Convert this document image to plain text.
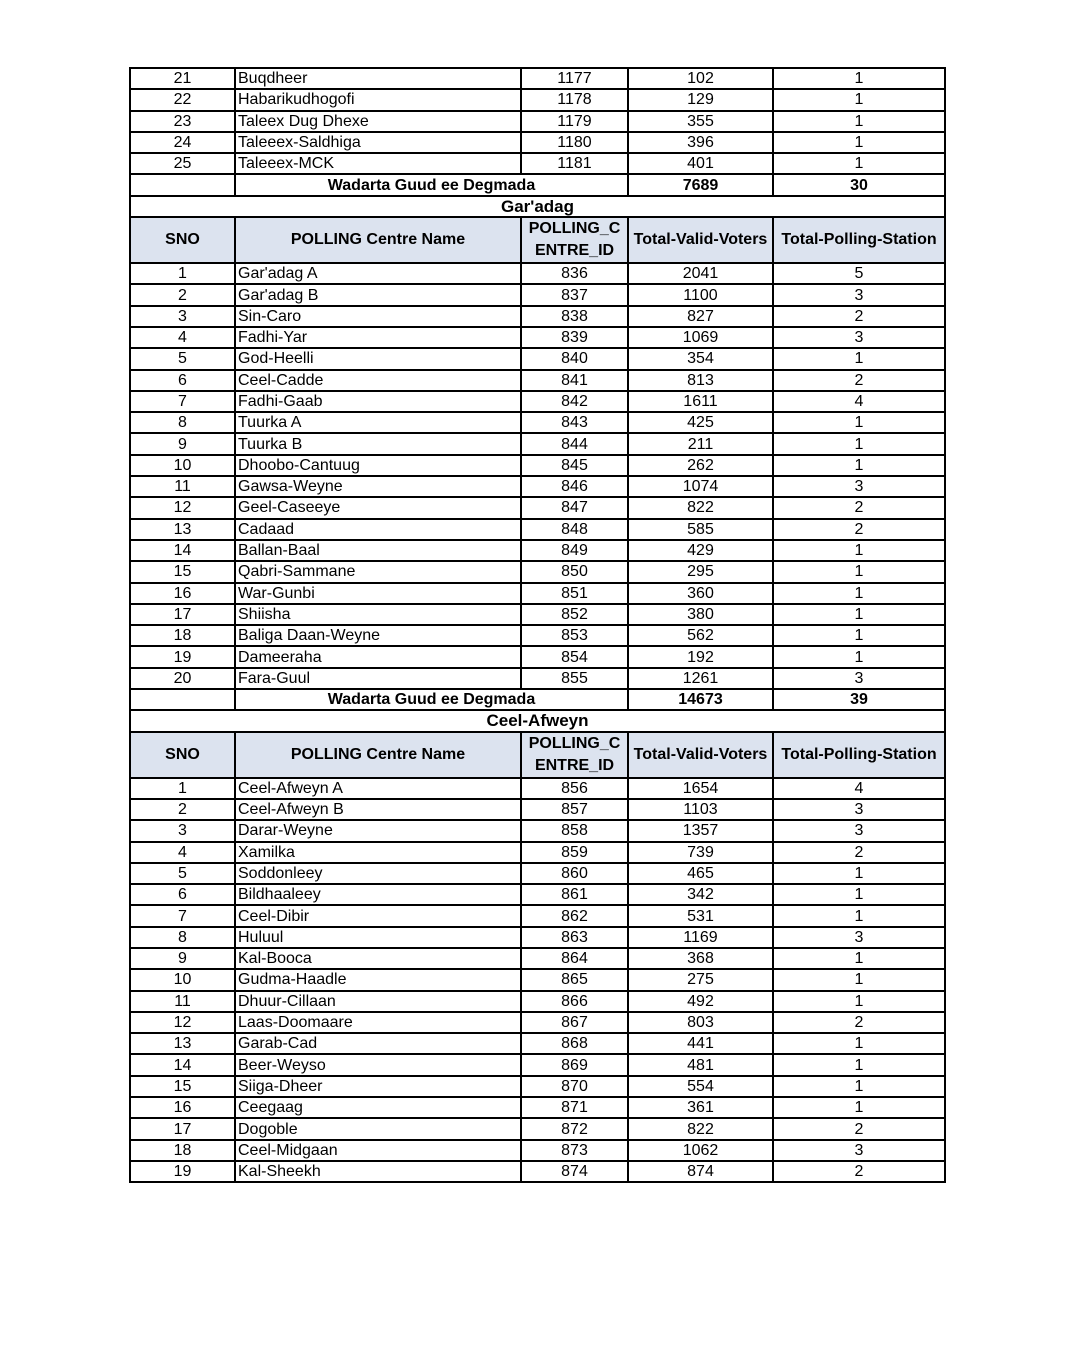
21	Buqdheer	1177	102	1
22	Habarikudhogofi	1178	129	1
23	Taleex Dug Dhexe	1179	355	1
24	Taleeex-Saldhiga	1180	396	1
25	Taleeex-MCK	1181	401	1
	Wadarta Guud ee Degmada		7689	30
Gar'adag				
SNO	POLLING Centre Name	POLLING_CENTRE_ID	Total-Valid-Voters	Total-Polling-Station
1	Gar'adag A	836	2041	5
2	Gar'adag B	837	1100	3
3	Sin-Caro	838	827	2
4	Fadhi-Yar	839	1069	3
5	God-Heelli	840	354	1
6	Ceel-Cadde	841	813	2
7	Fadhi-Gaab	842	1611	4
8	Tuurka A	843	425	1
9	Tuurka B	844	211	1
10	Dhoobo-Cantuug	845	262	1
11	Gawsa-Weyne	846	1074	3
12	Geel-Caseeye	847	822	2
13	Cadaad	848	585	2
14	Ballan-Baal	849	429	1
15	Qabri-Sammane	850	295	1
16	War-Gunbi	851	360	1
17	Shiisha	852	380	1
18	Baliga Daan-Weyne	853	562	1
19	Dameeraha	854	192	1
20	Fara-Guul	855	1261	3
	Wadarta Guud ee Degmada		14673	39
Ceel-Afweyn				
SNO	POLLING Centre Name	POLLING_CENTRE_ID	Total-Valid-Voters	Total-Polling-Station
1	Ceel-Afweyn A	856	1654	4
2	Ceel-Afweyn B	857	1103	3
3	Darar-Weyne	858	1357	3
4	Xamilka	859	739	2
5	Soddonleey	860	465	1
6	Bildhaaleey	861	342	1
7	Ceel-Dibir	862	531	1
8	Huluul	863	1169	3
9	Kal-Booca	864	368	1
10	Gudma-Haadle	865	275	1
11	Dhuur-Cillaan	866	492	1
12	Laas-Doomaare	867	803	2
13	Garab-Cad	868	441	1
14	Beer-Weyso	869	481	1
15	Siiga-Dheer	870	554	1
16	Ceegaag	871	361	1
17	Dogoble	872	822	2
18	Ceel-Midgaan	873	1062	3
19	Kal-Sheekh	874	874	2
